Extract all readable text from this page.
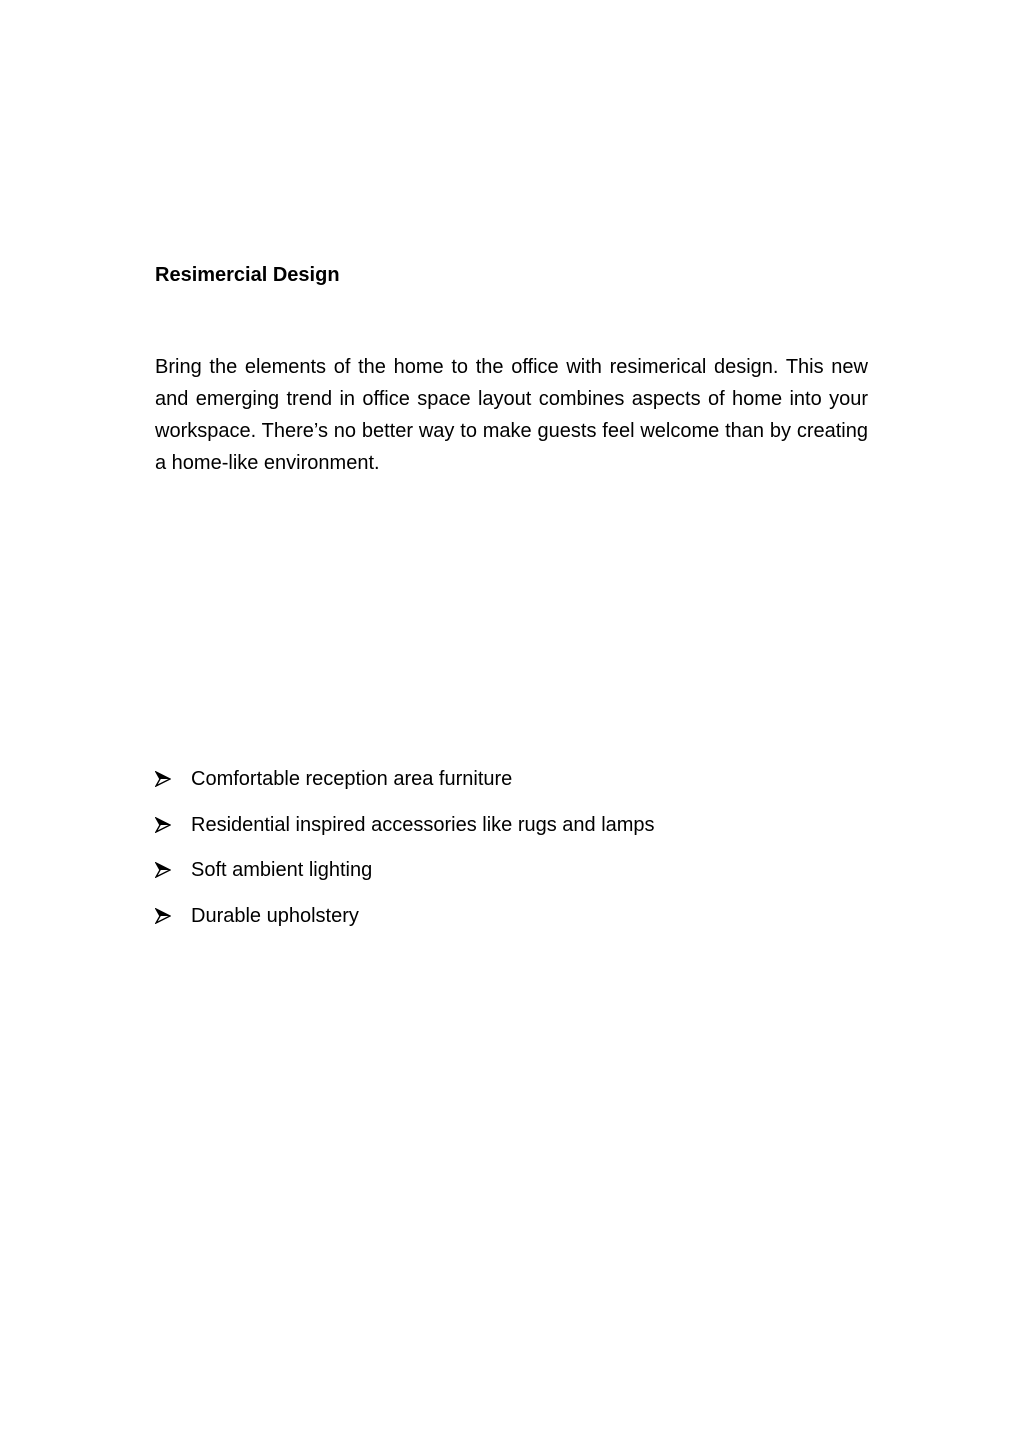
Resimercial Design

Bring the elements of the home to the office with resimerical design. This new and emerging trend in office space layout combines aspects of home into your workspace. There’s no better way to make guests feel welcome than by creating a home-like environment.

Comfortable reception area furniture
Residential inspired accessories like rugs and lamps
Soft ambient lighting
Durable upholstery
